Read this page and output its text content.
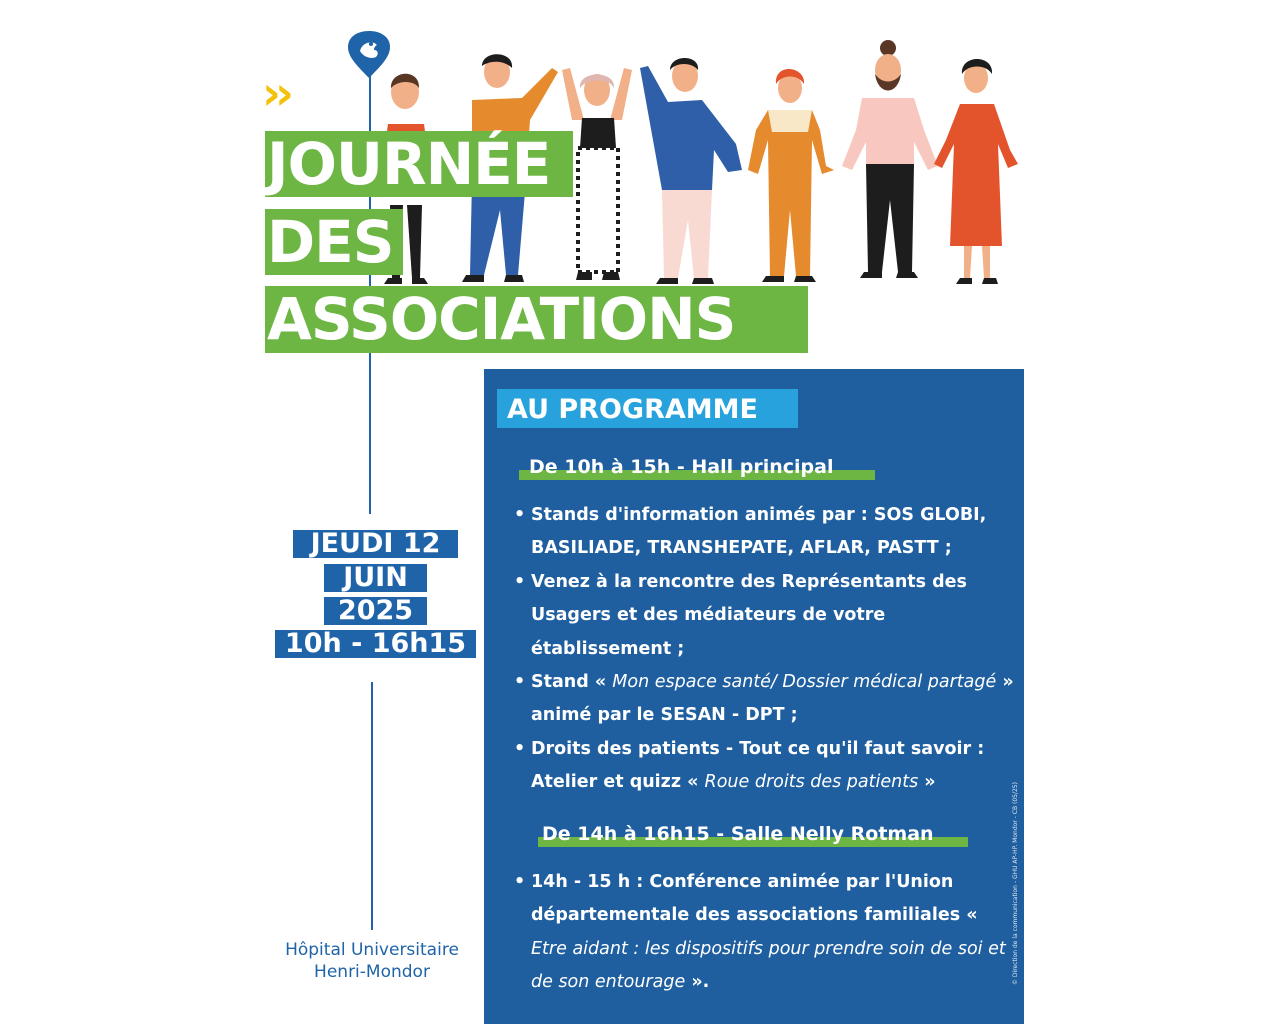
››
JOURNÉE
DES
ASSOCIATIONS
JEUDI 12
JUIN
2025
10h - 16h15
Hôpital Universitaire
Henri-Mondor
AU PROGRAMME
De 10h à 15h - Hall principal
• Stands d'information animés par : SOS GLOBI, BASILIADE, TRANSHEPATE, AFLAR, PASTT ;
• Venez à la rencontre des Représentants des Usagers et des médiateurs de votre établissement ;
• Stand « Mon espace santé/ Dossier médical partagé » animé par le SESAN - DPT ;
• Droits des patients - Tout ce qu'il faut savoir : Atelier et quizz « Roue droits des patients »
De 14h à 16h15 - Salle Nelly Rotman
• 14h - 15 h : Conférence animée par l'Union départementale des associations familiales « Etre aidant : les dispositifs pour prendre soin de soi et de son entourage ».	© Direction de la communication - GHU AP-HP. Mondor - CB (05/25)
